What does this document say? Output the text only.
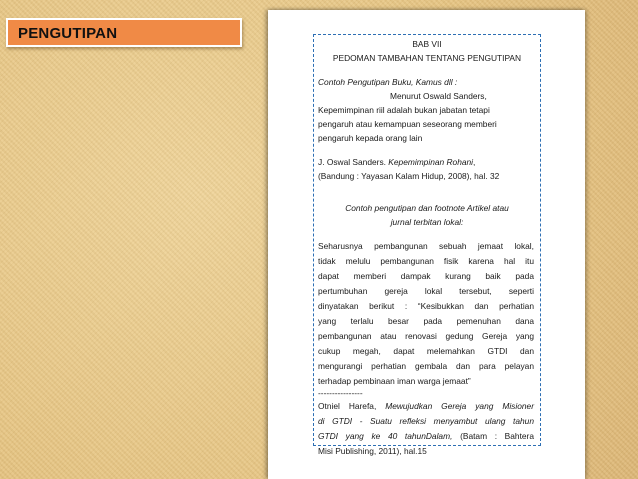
PENGUTIPAN
BAB VII
PEDOMAN TAMBAHAN TENTANG PENGUTIPAN
Contoh Pengutipan Buku, Kamus dll :
Menurut Oswald Sanders,
Kepemimpinan riil adalah bukan jabatan tetapi
pengaruh atau kemampuan seseorang memberi
pengaruh kepada orang lain
J. Oswal Sanders. Kepemimpinan Rohani,
(Bandung : Yayasan Kalam Hidup, 2008), hal. 32
Contoh pengutipan dan footnote Artikel atau
jurnal terbitan lokal:
Seharusnya pembangunan sebuah jemaat lokal,
tidak melulu pembangunan fisik karena hal itu
dapat memberi dampak kurang baik pada
pertumbuhan gereja lokal tersebut, seperti
dinyatakan berikut : “Kesibukkan dan perhatian
yang terlalu besar pada pemenuhan dana
pembangunan atau renovasi gedung Gereja yang
cukup megah, dapat melemahkan GTDI dan
mengurangi perhatian gembala dan para pelayan
terhadap pembinaan iman warga jemaat”
----------------
Otniel Harefa, Mewujudkan Gereja yang Misioner
di GTDI - Suatu refleksi menyambut ulang tahun
GTDI yang ke 40 tahunDalam, (Batam : Bahtera
Misi Publishing, 2011), hal.15
